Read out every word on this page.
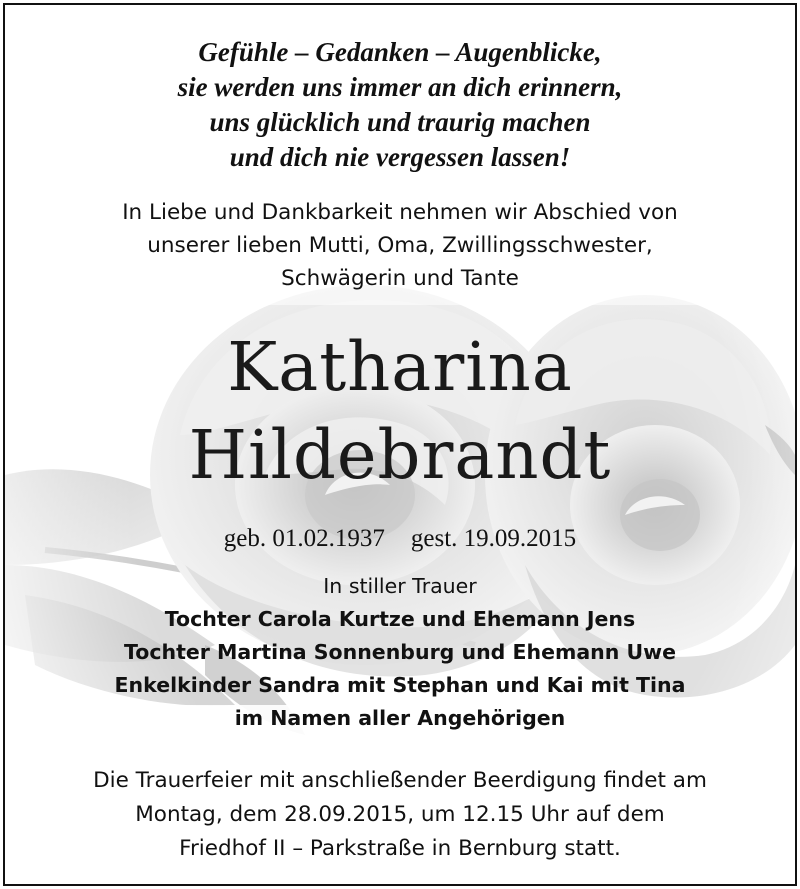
Gefühle – Gedanken – Augenblicke,
sie werden uns immer an dich erinnern,
uns glücklich und traurig machen
und dich nie vergessen lassen!
In Liebe und Dankbarkeit nehmen wir Abschied von
unserer lieben Mutti, Oma, Zwillingsschwester,
Schwägerin und Tante
Katharina
Hildebrandt
geb. 01.02.1937 gest. 19.09.2015
In stiller Trauer
Tochter Carola Kurtze und Ehemann Jens
Tochter Martina Sonnenburg und Ehemann Uwe
Enkelkinder Sandra mit Stephan und Kai mit Tina
im Namen aller Angehörigen
Die Trauerfeier mit anschließender Beerdigung findet am
Montag, dem 28.09.2015, um 12.15 Uhr auf dem
Friedhof II – Parkstraße in Bernburg statt.
